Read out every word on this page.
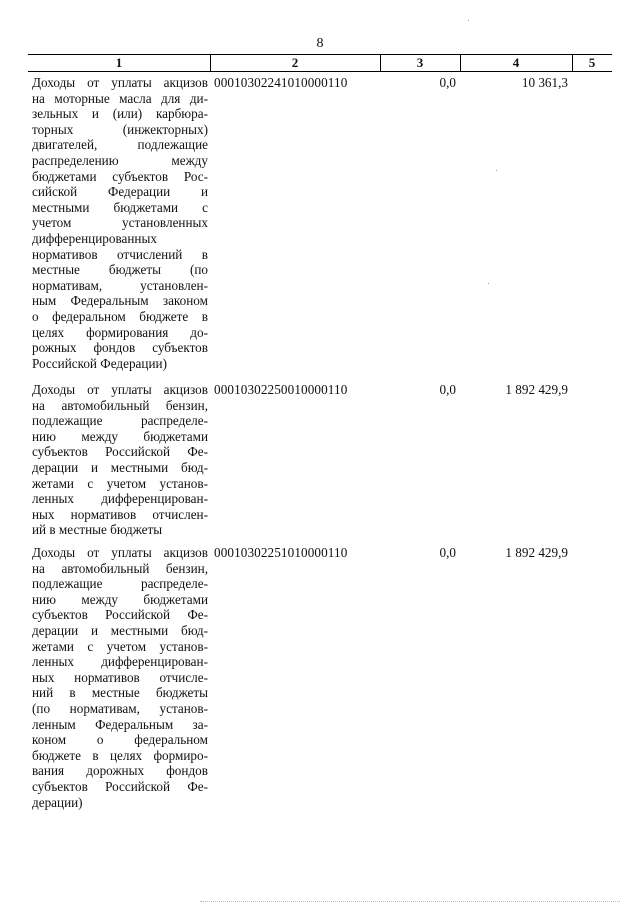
8
1	2	3	4	5
Доходы от уплаты акцизов
на моторные масла для ди-
зельных и (или) карбюра-
торных (инжекторных)
двигателей, подлежащие
распределению между
бюджетами субъектов Рос-
сийской Федерации и
местными бюджетами с
учетом установленных
дифференцированных
нормативов отчислений в
местные бюджеты (по
нормативам, установлен-
ным Федеральным законом
о федеральном бюджете в
целях формирования до-
рожных фондов субъектов
Российской Федерации)
00010302241010000110	0,0	10 361,3
Доходы от уплаты акцизов
на автомобильный бензин,
подлежащие распределе-
нию между бюджетами
субъектов Российской Фе-
дерации и местными бюд-
жетами с учетом установ-
ленных дифференцирован-
ных нормативов отчислен-
ий в местные бюджеты
00010302250010000110	0,0	1 892 429,9
Доходы от уплаты акцизов
на автомобильный бензин,
подлежащие распределе-
нию между бюджетами
субъектов Российской Фе-
дерации и местными бюд-
жетами с учетом установ-
ленных дифференцирован-
ных нормативов отчисле-
ний в местные бюджеты
(по нормативам, установ-
ленным Федеральным за-
коном о федеральном
бюджете в целях формиро-
вания дорожных фондов
субъектов Российской Фе-
дерации)
00010302251010000110	0,0	1 892 429,9
